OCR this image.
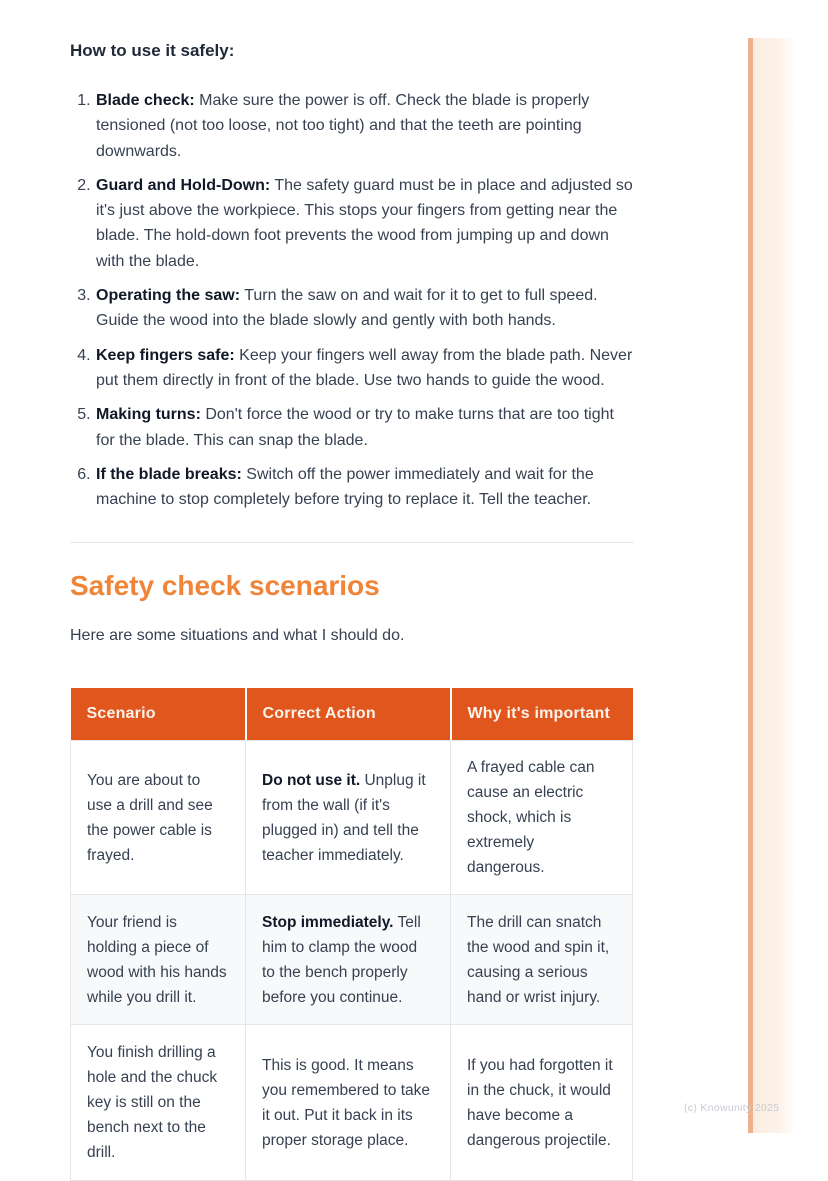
(c) Knowunity 2025
How to use it safely:
1. Blade check: Make sure the power is off. Check the blade is properly tensioned (not too loose, not too tight) and that the teeth are pointing downwards.
2. Guard and Hold-Down: The safety guard must be in place and adjusted so it's just above the workpiece. This stops your fingers from getting near the blade. The hold-down foot prevents the wood from jumping up and down with the blade.
3. Operating the saw: Turn the saw on and wait for it to get to full speed. Guide the wood into the blade slowly and gently with both hands.
4. Keep fingers safe: Keep your fingers well away from the blade path. Never put them directly in front of the blade. Use two hands to guide the wood.
5. Making turns: Don't force the wood or try to make turns that are too tight for the blade. This can snap the blade.
6. If the blade breaks: Switch off the power immediately and wait for the machine to stop completely before trying to replace it. Tell the teacher.
Safety check scenarios

Here are some situations and what I should do.

Scenario	Correct Action	Why it's important
You are about to use a drill and see the power cable is frayed.	Do not use it. Unplug it from the wall (if it's plugged in) and tell the teacher immediately.	A frayed cable can cause an electric shock, which is extremely dangerous.
Your friend is holding a piece of wood with his hands while you drill it.	Stop immediately. Tell him to clamp the wood to the bench properly before you continue.	The drill can snatch the wood and spin it, causing a serious hand or wrist injury.
You finish drilling a hole and the chuck key is still on the bench next to the drill.	This is good. It means you remembered to take it out. Put it back in its proper storage place.	If you had forgotten it in the chuck, it would have become a dangerous projectile.
